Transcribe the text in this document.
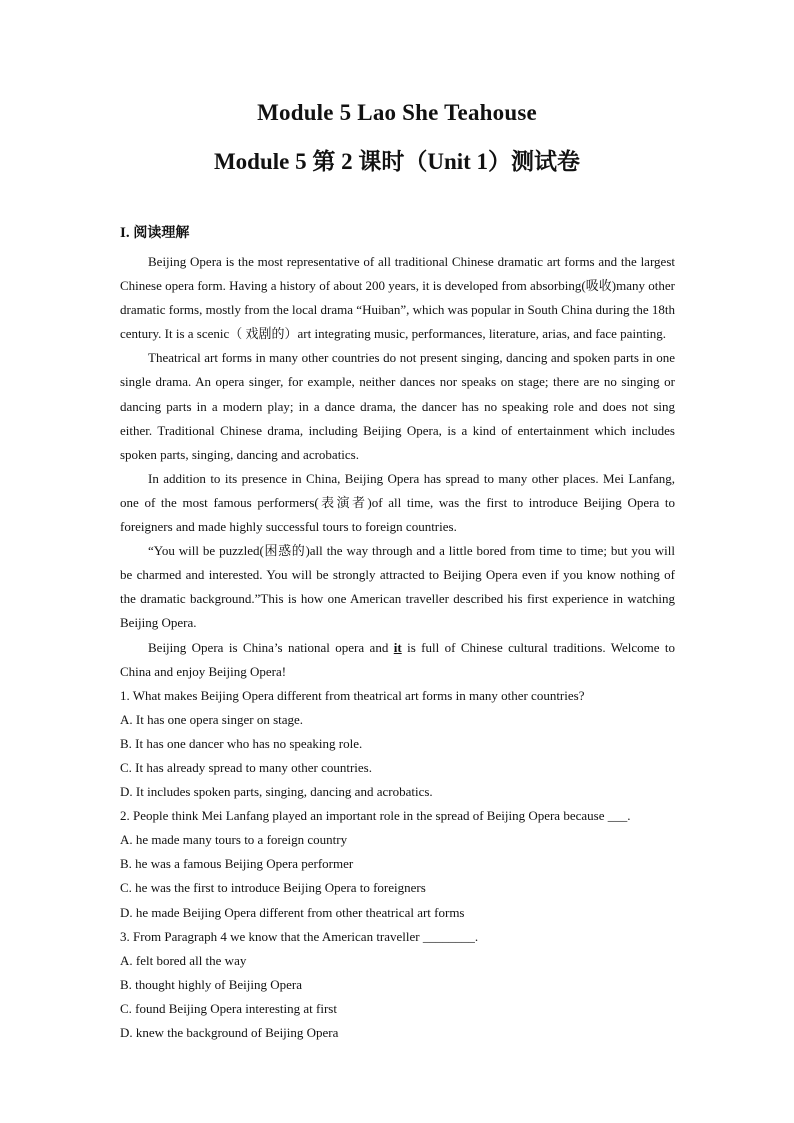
Module 5 Lao She Teahouse
Module 5 第 2 课时（Unit 1）测试卷
I. 阅读理解

Beijing Opera is the most representative of all traditional Chinese dramatic art forms and the largest Chinese opera form. Having a history of about 200 years, it is developed from absorbing(吸收)many other dramatic forms, mostly from the local drama “Huiban”, which was popular in South China during the 18th century. It is a scenic（ 戏剧的）art integrating music, performances, literature, arias, and face painting.

Theatrical art forms in many other countries do not present singing, dancing and spoken parts in one single drama. An opera singer, for example, neither dances nor speaks on stage; there are no singing or dancing parts in a modern play; in a dance drama, the dancer has no speaking role and does not sing either. Traditional Chinese drama, including Beijing Opera, is a kind of entertainment which includes spoken parts, singing, dancing and acrobatics.

In addition to its presence in China, Beijing Opera has spread to many other places. Mei Lanfang, one of the most famous performers(表演者)of all time, was the first to introduce Beijing Opera to foreigners and made highly successful tours to foreign countries.

“You will be puzzled(困惑的)all the way through and a little bored from time to time; but you will be charmed and interested. You will be strongly attracted to Beijing Opera even if you know nothing of the dramatic background.”This is how one American traveller described his first experience in watching Beijing Opera.

Beijing Opera is China’s national opera and it is full of Chinese cultural traditions. Welcome to China and enjoy Beijing Opera!

1. What makes Beijing Opera different from theatrical art forms in many other countries?

A. It has one opera singer on stage.

B. It has one dancer who has no speaking role.

C. It has already spread to many other countries.

D. It includes spoken parts, singing, dancing and acrobatics.

2. People think Mei Lanfang played an important role in the spread of Beijing Opera because ___.

A. he made many tours to a foreign country

B. he was a famous Beijing Opera performer

C. he was the first to introduce Beijing Opera to foreigners

D. he made Beijing Opera different from other theatrical art forms

3. From Paragraph 4 we know that the American traveller ________.

A. felt bored all the way

B. thought highly of Beijing Opera

C. found Beijing Opera interesting at first

D. knew the background of Beijing Opera
